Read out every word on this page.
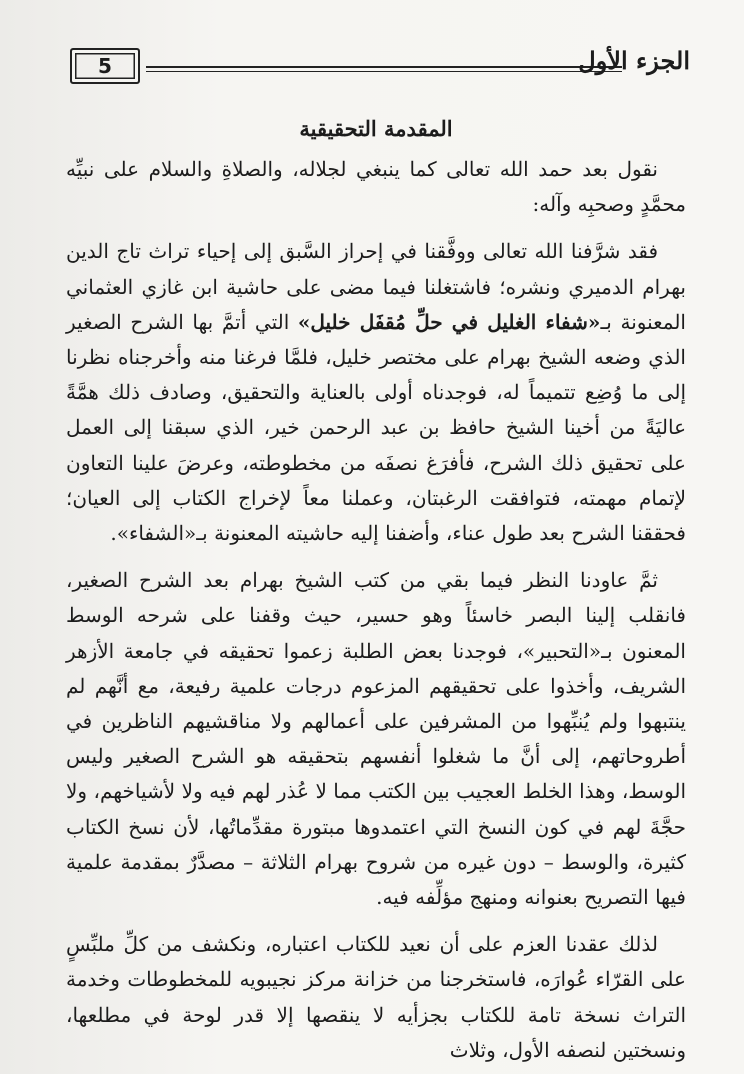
5	الجزء الأول
المقدمة التحقيقية

نقول بعد حمد الله تعالى كما ينبغي لجلاله، والصلاةِ والسلام على نبيِّه محمَّدٍ وصحبِه وآله:

فقد شرَّفنا الله تعالى ووفَّقنا في إحراز السَّبق إلى إحياء تراث تاج الدين بهرام الدميري ونشره؛ فاشتغلنا فيما مضى على حاشية ابن غازي العثماني المعنونة بـ«شفاء الغليل في حلِّ مُقفَل خليل» التي أتمَّ بها الشرح الصغير الذي وضعه الشيخ بهرام على مختصر خليل، فلمَّا فرغنا منه وأخرجناه نظرنا إلى ما وُضِع تتميماً له، فوجدناه أولى بالعناية والتحقيق، وصادف ذلك همَّةً عاليَةً من أخينا الشيخ حافظ بن عبد الرحمن خير، الذي سبقنا إلى العمل على تحقيق ذلك الشرح، فأفرَغ نصفَه من مخطوطته، وعرضَ علينا التعاون لإتمام مهمته، فتوافقت الرغبتان، وعملنا معاً لإخراج الكتاب إلى العيان؛ فحققنا الشرح بعد طول عناء، وأضفنا إليه حاشيته المعنونة بـ«الشفاء».

ثمَّ عاودنا النظر فيما بقي من كتب الشيخ بهرام بعد الشرح الصغير، فانقلب إلينا البصر خاسئاً وهو حسير، حيث وقفنا على شرحه الوسط المعنون بـ«التحبير»، فوجدنا بعض الطلبة زعموا تحقيقه في جامعة الأزهر الشريف، وأخذوا على تحقيقهم المزعوم درجات علمية رفيعة، مع أنَّهم لم ينتبهوا ولم يُنبِّهوا من المشرفين على أعمالهم ولا مناقشيهم الناظرين في أطروحاتهم، إلى أنَّ ما شغلوا أنفسهم بتحقيقه هو الشرح الصغير وليس الوسط، وهذا الخلط العجيب بين الكتب مما لا عُذر لهم فيه ولا لأشياخهم، ولا حجَّةَ لهم في كون النسخ التي اعتمدوها مبتورة مقدِّماتُها، لأن نسخ الكتاب كثيرة، والوسط – دون غيره من شروح بهرام الثلاثة – مصدَّرٌ بمقدمة علمية فيها التصريح بعنوانه ومنهج مؤلِّفه فيه.

لذلك عقدنا العزم على أن نعيد للكتاب اعتباره، ونكشف من كلِّ ملبِّسٍ على القرّاء عُوارَه، فاستخرجنا من خزانة مركز نجيبويه للمخطوطات وخدمة التراث نسخة تامة للكتاب بجزأيه لا ينقصها إلا قدر لوحة في مطلعها، ونسختين لنصفه الأول، وثلاث
